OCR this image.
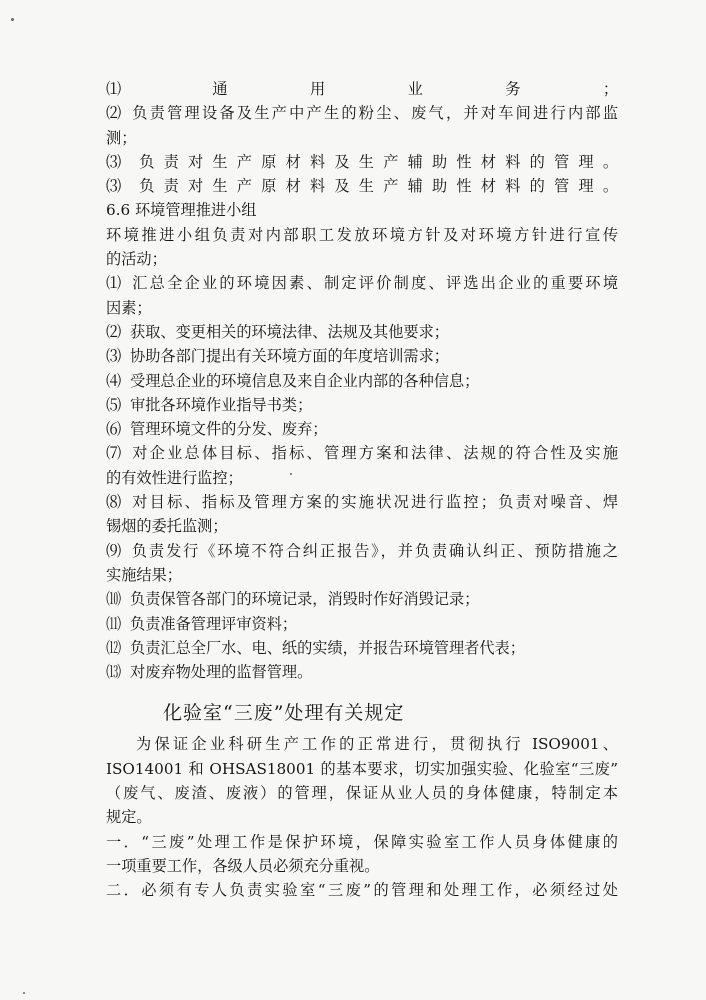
⑴ 通用业务；
⑵ 负责管理设备及生产中产生的粉尘、废气，并对车间进行内部监
测；
⑶ 负责对生产原材料及生产辅助性材料的管理。
⑶ 负责对生产原材料及生产辅助性材料的管理。
6.6 环境管理推进小组
环境推进小组负责对内部职工发放环境方针及对环境方针进行宣传
的活动；
⑴ 汇总全企业的环境因素、制定评价制度、评选出企业的重要环境
因素；
⑵ 获取、变更相关的环境法律、法规及其他要求；
⑶ 协助各部门提出有关环境方面的年度培训需求；
⑷ 受理总企业的环境信息及来自企业内部的各种信息；
⑸ 审批各环境作业指导书类；
⑹ 管理环境文件的分发、废弃；
⑺ 对企业总体目标、指标、管理方案和法律、法规的符合性及实施
的有效性进行监控；
⑻ 对目标、指标及管理方案的实施状况进行监控；负责对噪音、焊
锡烟的委托监测；
⑼ 负责发行《环境不符合纠正报告》，并负责确认纠正、预防措施之
实施结果；
⑽ 负责保管各部门的环境记录，消毁时作好消毁记录；
⑾ 负责准备管理评审资料；
⑿ 负责汇总全厂水、电、纸的实绩，并报告环境管理者代表；
⒀ 对废弃物处理的监督管理。
化验室“三废”处理有关规定
为保证企业科研生产工作的正常进行，贯彻执行 ISO9001、
ISO14001 和 OHSAS18001 的基本要求，切实加强实验、化验室“三废”
（废气、废渣、废液）的管理，保证从业人员的身体健康，特制定本
规定。
一．“三废”处理工作是保护环境，保障实验室工作人员身体健康的
一项重要工作，各级人员必须充分重视。
二．必须有专人负责实验室“三废”的管理和处理工作，必须经过处
